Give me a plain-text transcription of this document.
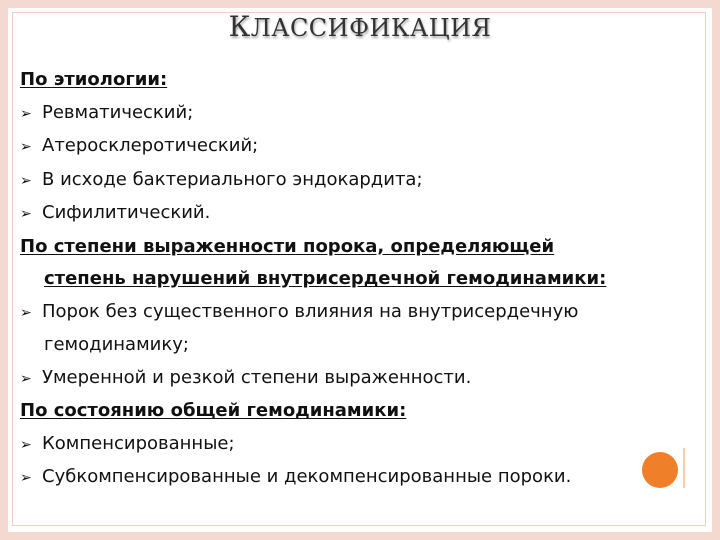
КЛАССИФИКАЦИЯ
По этиологии:
➢ Ревматический;
➢ Атеросклеротический;
➢ В исходе бактериального эндокардита;
➢ Сифилитический.
По степени выраженности порока, определяющей
степень нарушений внутрисердечной гемодинамики:
➢ Порок без существенного влияния на внутрисердечную
гемодинамику;
➢ Умеренной и резкой степени выраженности.
По состоянию общей гемодинамики:
➢ Компенсированные;
➢ Субкомпенсированные и декомпенсированные пороки.
